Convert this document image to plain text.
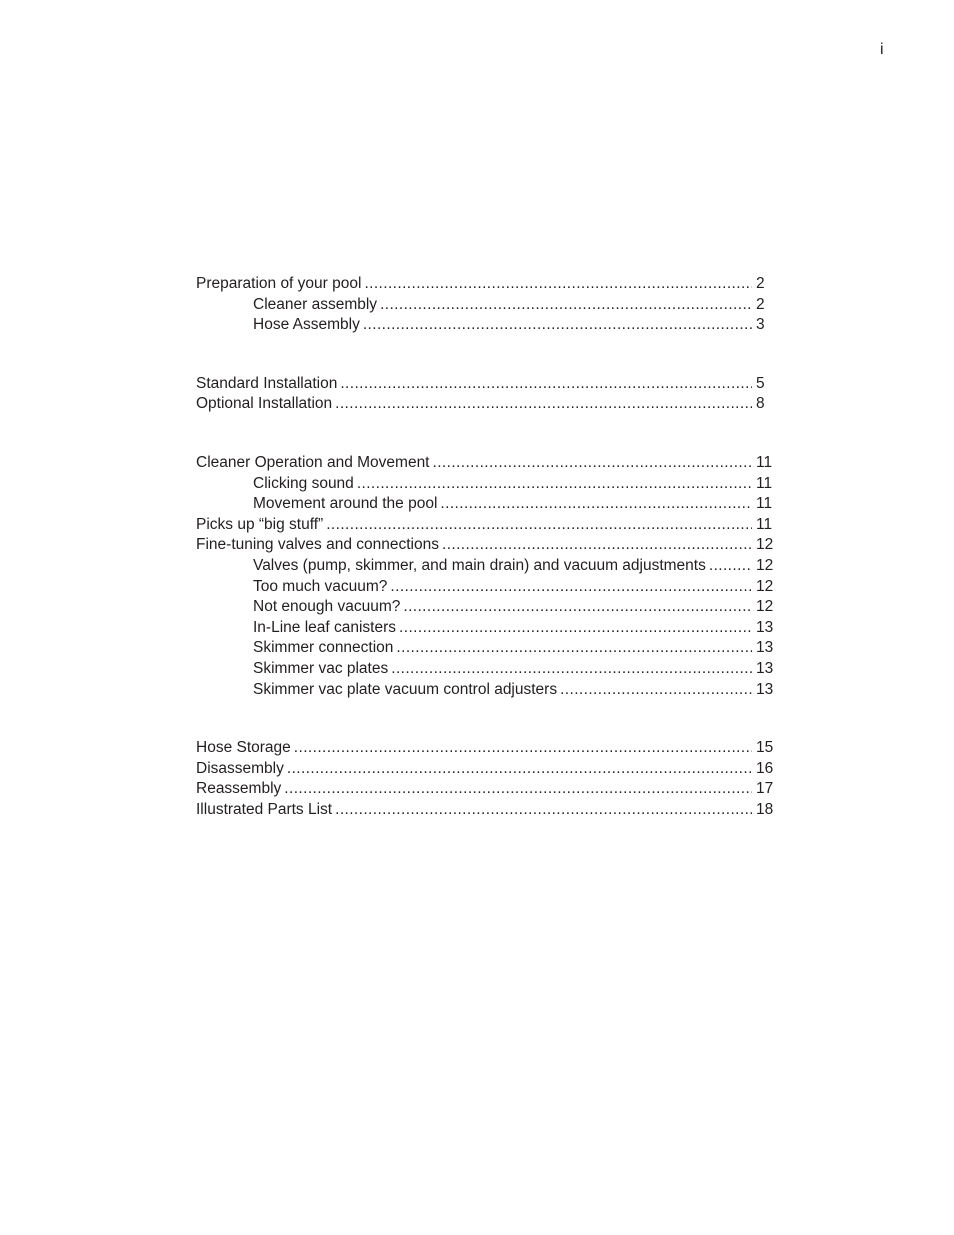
i
Preparation of your pool .....	2
Cleaner assembly .....	2
Hose Assembly .....	3
Standard Installation .....	5
Optional Installation .....	8
Cleaner Operation and Movement .....	11
Clicking sound .....	11
Movement around the pool .....	11
Picks up “big stuff” .....	11
Fine-tuning valves and connections .....	12
Valves (pump, skimmer, and main drain) and vacuum adjustments .....	12
Too much vacuum? .....	12
Not enough vacuum? .....	12
In-Line leaf canisters .....	13
Skimmer connection .....	13
Skimmer vac plates .....	13
Skimmer vac plate vacuum control adjusters .....	13
Hose Storage .....	15
Disassembly .....	16
Reassembly .....	17
Illustrated Parts List .....	18
